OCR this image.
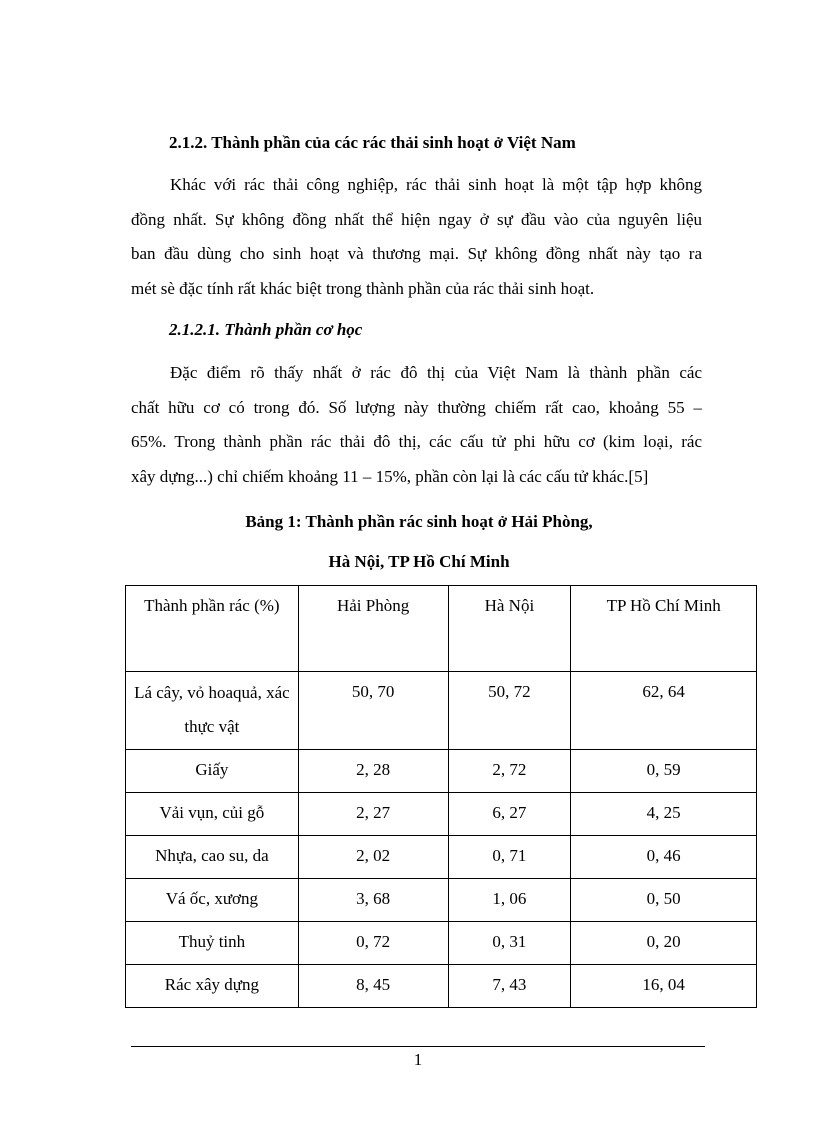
2.1.2. Thành phần của các rác thải sinh hoạt ở Việt Nam
Khác với rác thải công nghiệp, rác thải sinh hoạt là một tập hợp không
đồng nhất. Sự không đồng nhất thể hiện ngay ở sự đầu vào của nguyên liệu
ban đầu dùng cho sinh hoạt và thương mại. Sự không đồng nhất này tạo ra
mét sè đặc tính rất khác biệt trong thành phần của rác thải sinh hoạt.
2.1.2.1. Thành phần cơ học
Đặc điểm rõ thấy nhất ở rác đô thị của Việt Nam là thành phần các
chất hữu cơ có trong đó. Số lượng này thường chiếm rất cao, khoảng 55 –
65%. Trong thành phần rác thải đô thị, các cấu tử phi hữu cơ (kim loại, rác
xây dựng...) chỉ chiếm khoảng 11 – 15%, phần còn lại là các cấu tử khác.[5]
Bảng 1: Thành phần rác sinh hoạt ở Hải Phòng,
Hà Nội, TP Hồ Chí Minh
Thành phần rác (%)	Hải Phòng	Hà Nội	TP Hồ Chí Minh
Lá cây, vỏ hoaquả, xác thực vật	50, 70	50, 72	62, 64
Giấy	2, 28	2, 72	0, 59
Vải vụn, củi gỗ	2, 27	6, 27	4, 25
Nhựa, cao su, da	2, 02	0, 71	0, 46
Vá ốc, xương	3, 68	1, 06	0, 50
Thuỷ tinh	0, 72	0, 31	0, 20
Rác xây dựng	8, 45	7, 43	16, 04
1
